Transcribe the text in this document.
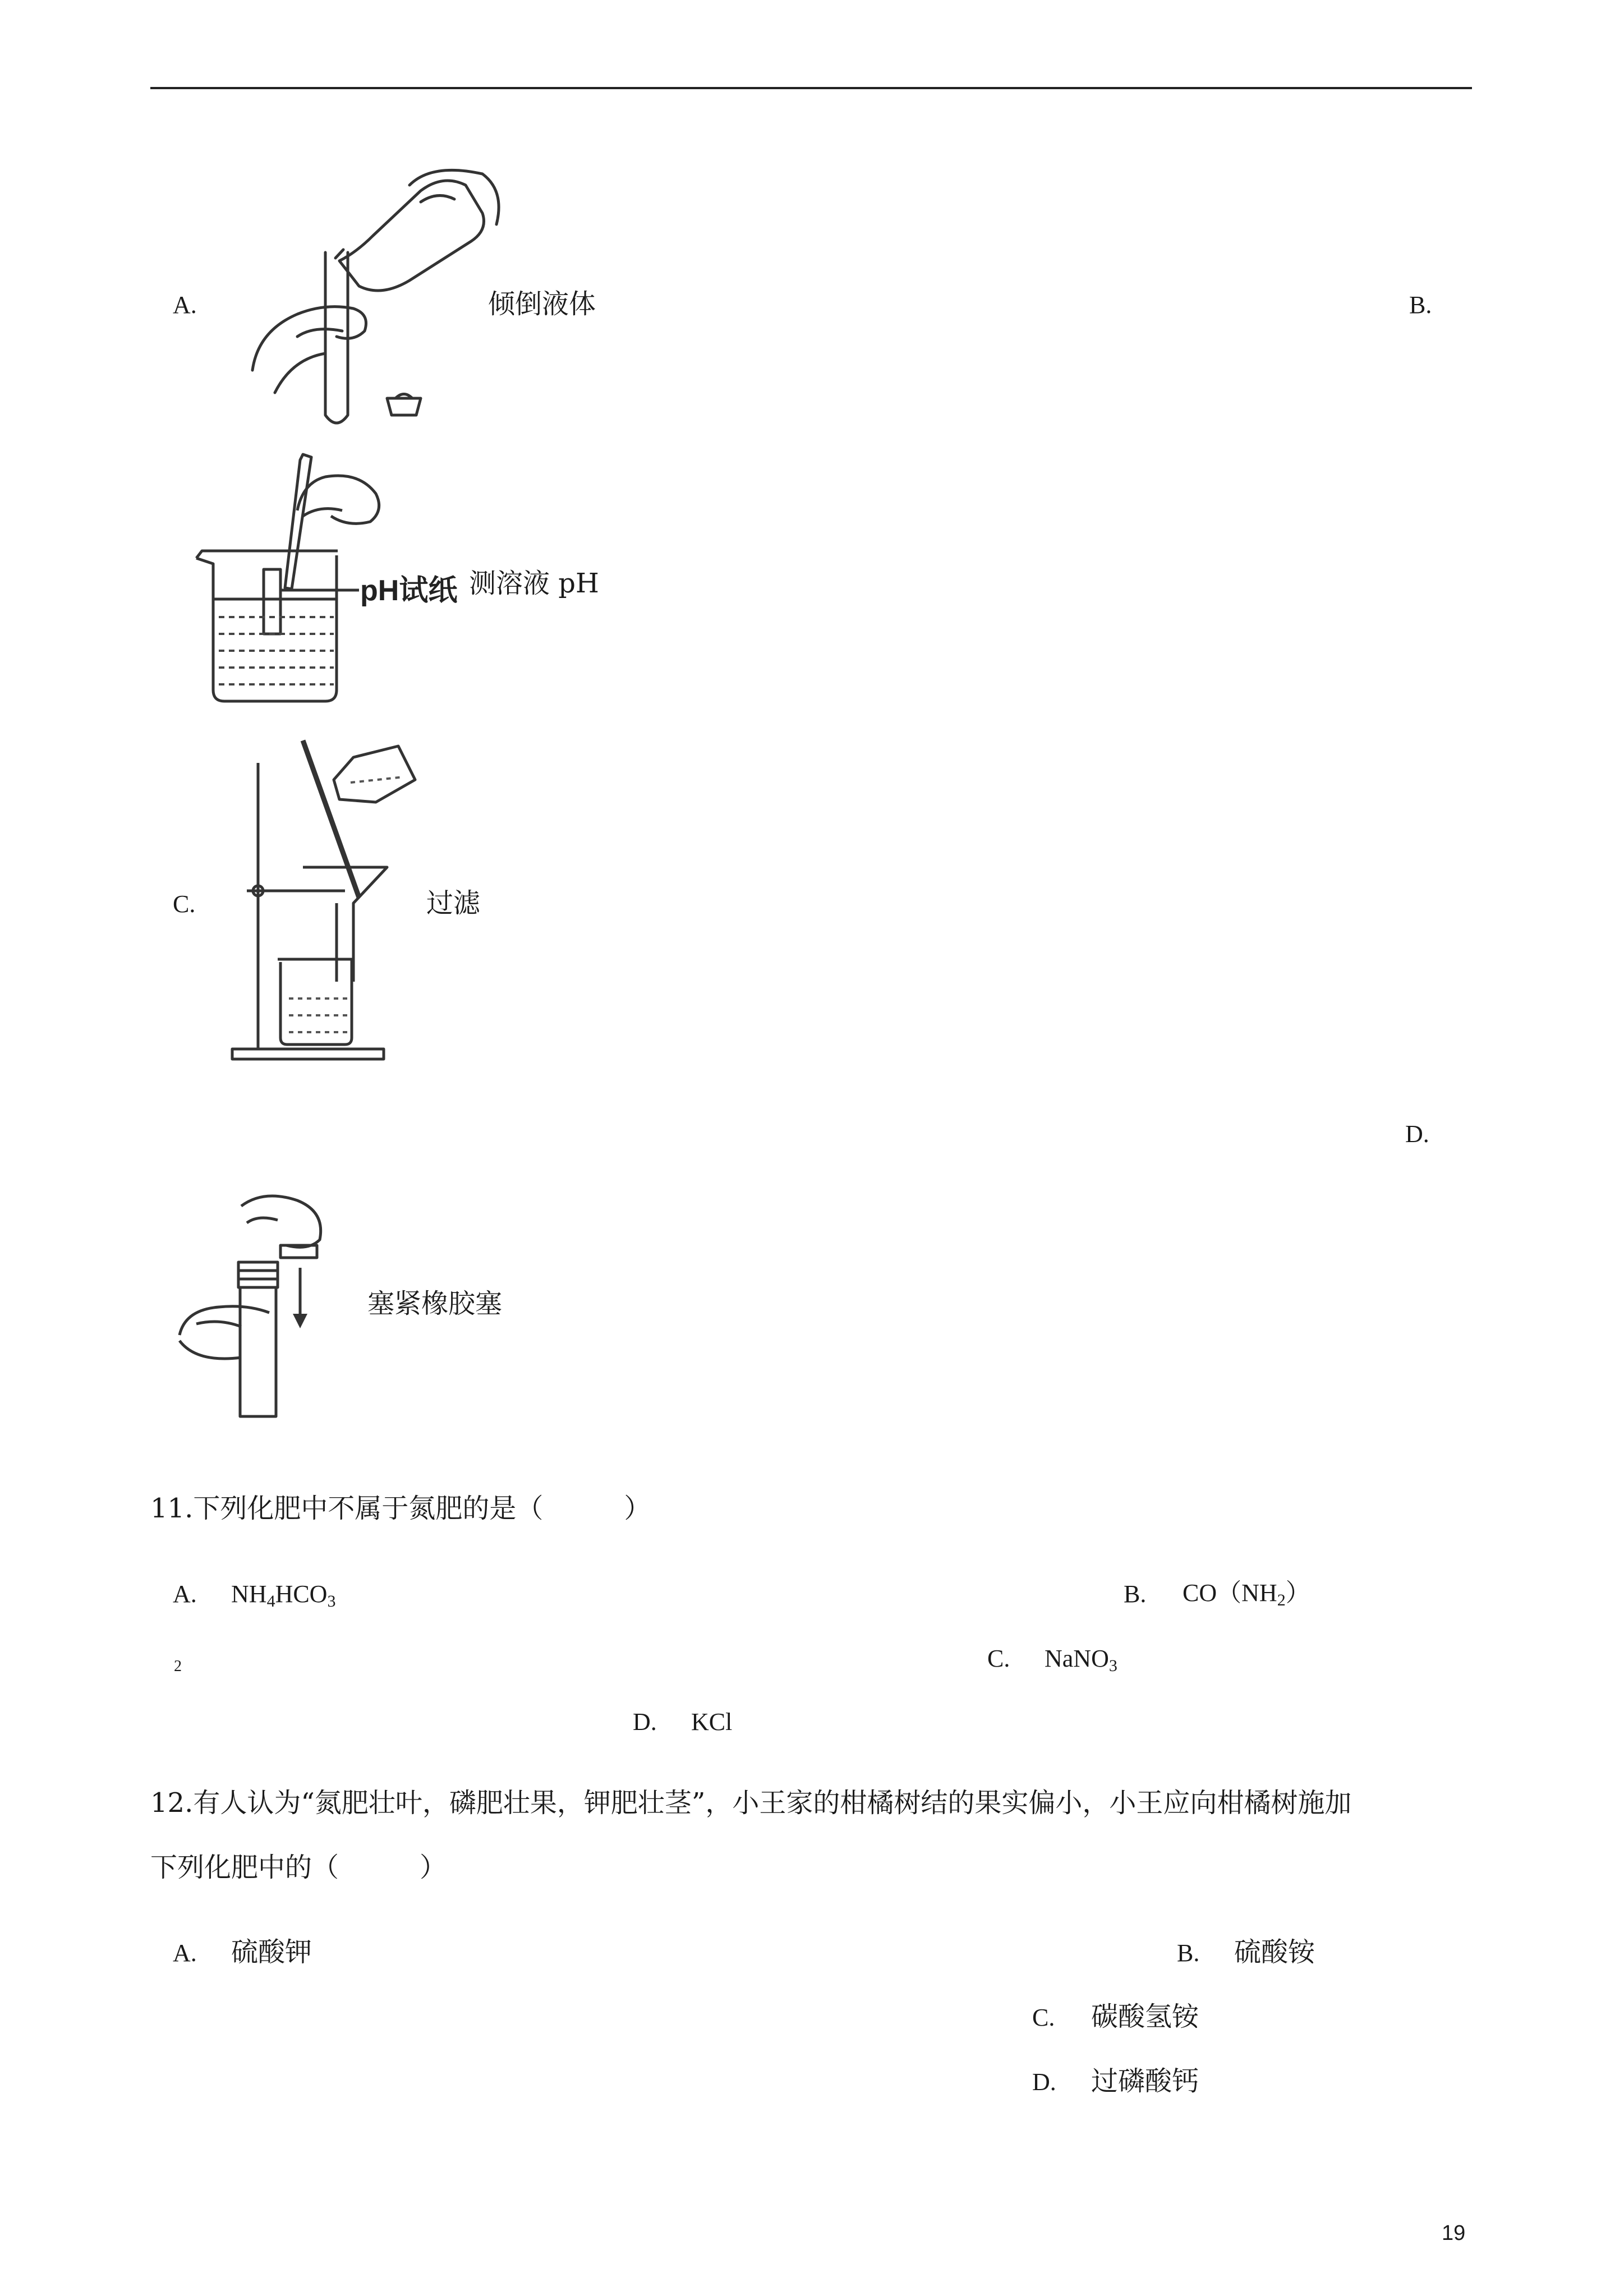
A.	倾倒液体	B.
pH试纸 测溶液 pH
C.	过滤
D.
塞紧橡胶塞
11.下列化肥中不属于氮肥的是（　　　）
A. $NH_4HCO_3$	B. $CO(NH_2)$
2	C. NaNO$_3$
D. KCl
12.有人认为“氮肥壮叶，磷肥壮果，钾肥壮茎”，小王家的柑橘树结的果实偏小，小王应向柑橘树施加
下列化肥中的（　　　）
A. 硫酸钾	B. 硫酸铵
C. 碳酸氢铵
D. 过磷酸钙
19
